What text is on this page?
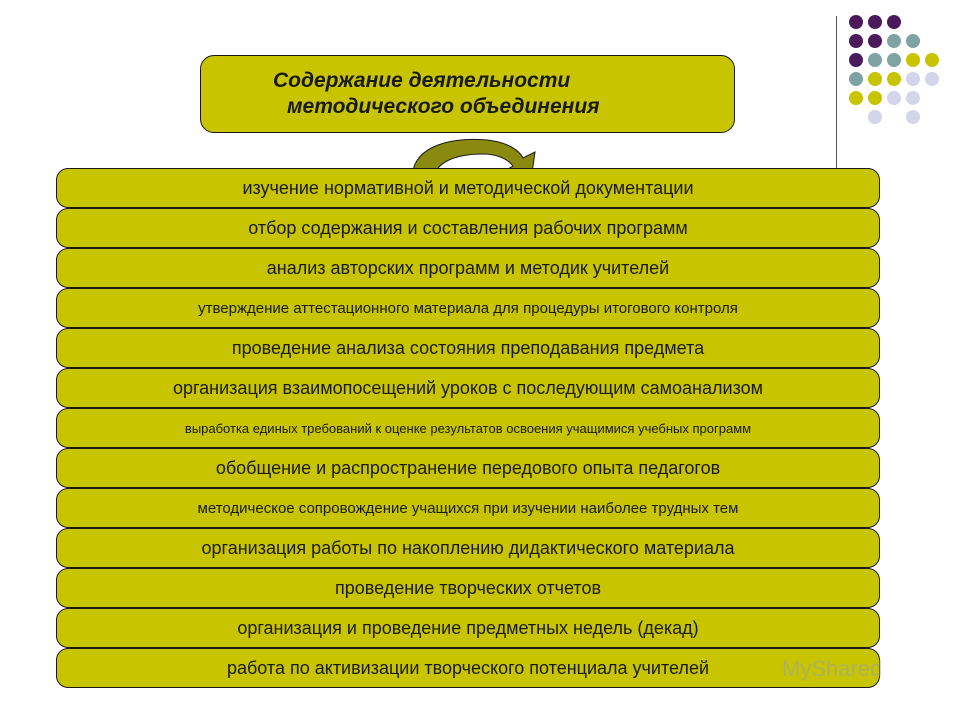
Содержание деятельности
методического объединения
изучение нормативной и методической документации
отбор содержания и составления рабочих программ
анализ авторских программ и методик учителей
утверждение аттестационного материала для процедуры итогового контроля
проведение анализа состояния преподавания предмета
организация взаимопосещений уроков с последующим самоанализом
выработка единых требований к оценке результатов освоения учащимися учебных программ
обобщение и распространение передового опыта педагогов
методическое сопровождение учащихся при изучении наиболее трудных тем
организация работы по накоплению дидактического материала
проведение творческих отчетов
организация и проведение предметных недель (декад)
работа по активизации творческого потенциала учителей	MyShared
